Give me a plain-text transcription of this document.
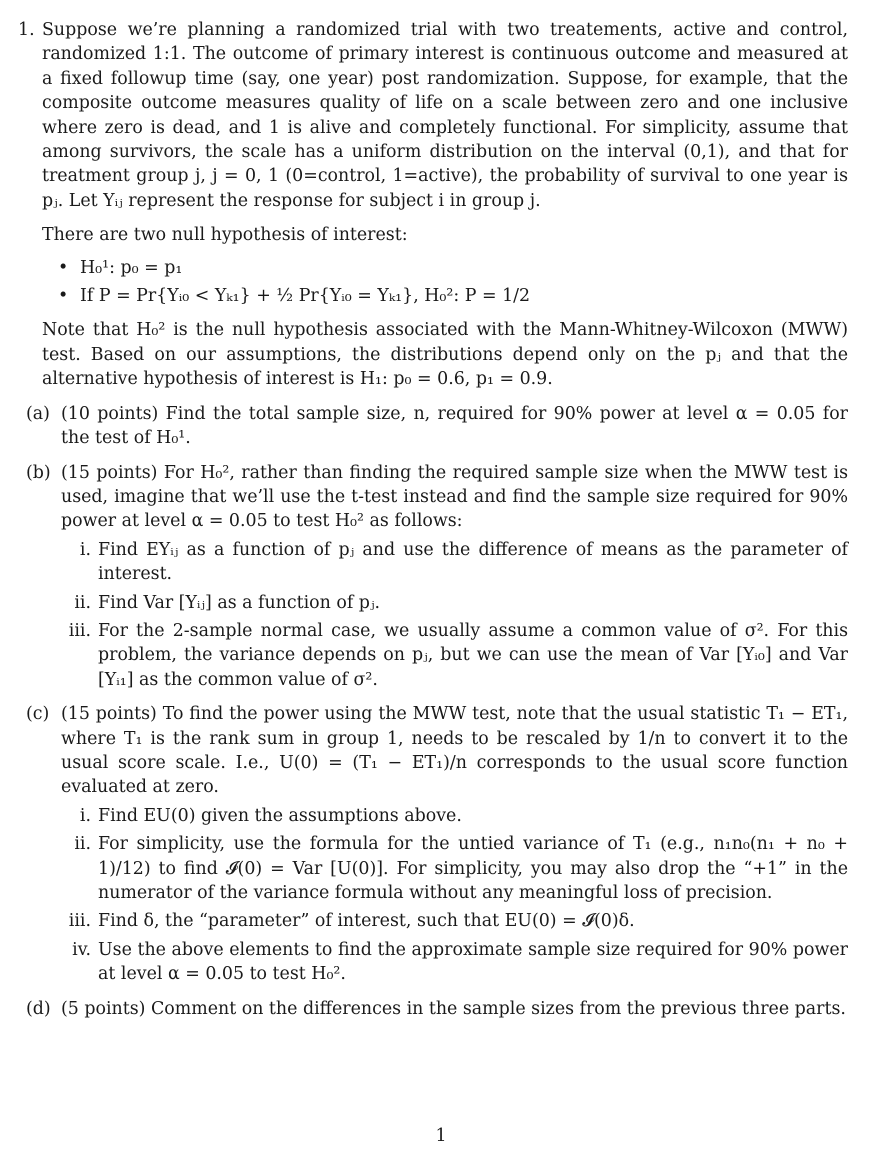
1. Suppose we’re planning a randomized trial with two treatements, active and control, randomized 1:1. The outcome of primary interest is continuous outcome and measured at a fixed followup time (say, one year) post randomization. Suppose, for example, that the composite outcome measures quality of life on a scale between zero and one inclusive where zero is dead, and 1 is alive and completely functional. For simplicity, assume that among survivors, the scale has a uniform distribution on the interval (0,1), and that for treatment group j, j = 0, 1 (0=control, 1=active), the probability of survival to one year is pⱼ. Let Yᵢⱼ represent the response for subject i in group j.

There are two null hypothesis of interest:

• H₀¹: p₀ = p₁
• If P = Pr{Yᵢ₀ < Yₖ₁} + ½ Pr{Yᵢ₀ = Yₖ₁}, H₀²: P = 1/2

Note that H₀² is the null hypothesis associated with the Mann-Whitney-Wilcoxon (MWW) test. Based on our assumptions, the distributions depend only on the pⱼ and that the alternative hypothesis of interest is H₁: p₀ = 0.6, p₁ = 0.9.

(a) (10 points) Find the total sample size, n, required for 90% power at level α = 0.05 for the test of H₀¹.
(b) (15 points) For H₀², rather than finding the required sample size when the MWW test is used, imagine that we’ll use the t-test instead and find the sample size required for 90% power at level α = 0.05 to test H₀² as follows:
i. Find EYᵢⱼ as a function of pⱼ and use the difference of means as the parameter of interest.
ii. Find Var [Yᵢⱼ] as a function of pⱼ.
iii. For the 2-sample normal case, we usually assume a common value of σ². For this problem, the variance depends on pⱼ, but we can use the mean of Var [Yᵢ₀] and Var [Yᵢ₁] as the common value of σ².
(c) (15 points) To find the power using the MWW test, note that the usual statistic T₁ − ET₁, where T₁ is the rank sum in group 1, needs to be rescaled by 1/n to convert it to the usual score scale. I.e., U(0) = (T₁ − ET₁)/n corresponds to the usual score function evaluated at zero.
i. Find EU(0) given the assumptions above.
ii. For simplicity, use the formula for the untied variance of T₁ (e.g., n₁n₀(n₁ + n₀ + 1)/12) to find 𝓘(0) = Var [U(0)]. For simplicity, you may also drop the “+1” in the numerator of the variance formula without any meaningful loss of precision.
iii. Find δ, the “parameter” of interest, such that EU(0) = 𝓘(0)δ.
iv. Use the above elements to find the approximate sample size required for 90% power at level α = 0.05 to test H₀².
(d) (5 points) Comment on the differences in the sample sizes from the previous three parts.
1
